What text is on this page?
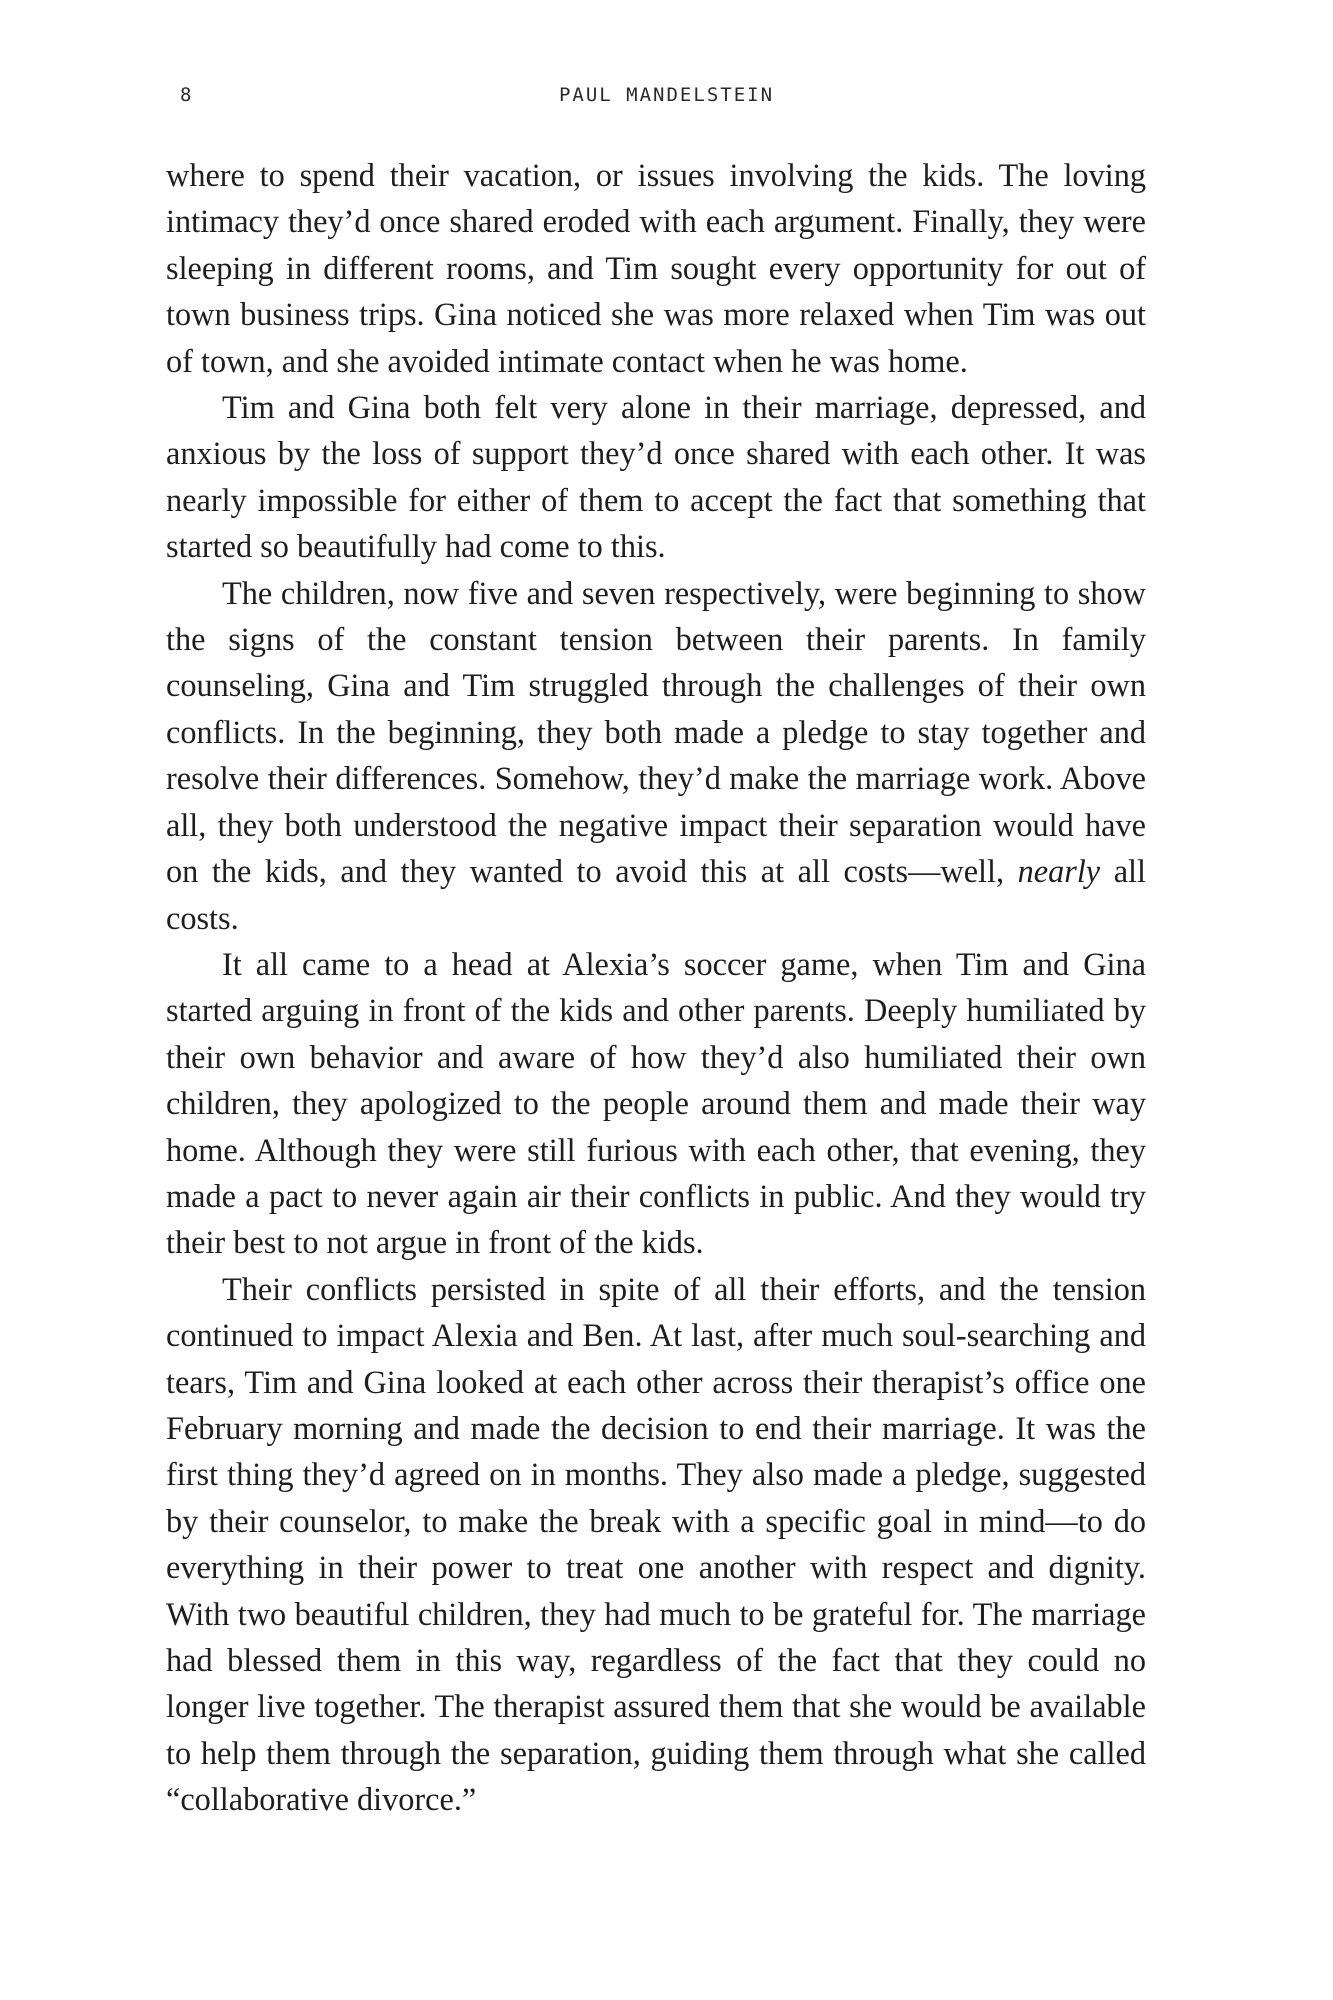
8	PAUL MANDELSTEIN

where to spend their vacation, or issues involving the kids. The loving intimacy they’d once shared eroded with each argument. Finally, they were sleeping in different rooms, and Tim sought every opportunity for out of town business trips. Gina noticed she was more relaxed when Tim was out of town, and she avoided intimate contact when he was home.

Tim and Gina both felt very alone in their marriage, depressed, and anxious by the loss of support they’d once shared with each other. It was nearly impossible for either of them to accept the fact that something that started so beautifully had come to this.

The children, now five and seven respectively, were beginning to show the signs of the constant tension between their parents. In family counseling, Gina and Tim struggled through the challenges of their own conflicts. In the beginning, they both made a pledge to stay together and resolve their differences. Somehow, they’d make the marriage work. Above all, they both understood the negative impact their separation would have on the kids, and they wanted to avoid this at all costs—well, nearly all costs.

It all came to a head at Alexia’s soccer game, when Tim and Gina started arguing in front of the kids and other parents. Deeply humiliated by their own behavior and aware of how they’d also humiliated their own children, they apologized to the people around them and made their way home. Although they were still furious with each other, that evening, they made a pact to never again air their conflicts in public. And they would try their best to not argue in front of the kids.

Their conflicts persisted in spite of all their efforts, and the tension continued to impact Alexia and Ben. At last, after much soul-searching and tears, Tim and Gina looked at each other across their therapist’s office one February morning and made the decision to end their marriage. It was the first thing they’d agreed on in months. They also made a pledge, suggested by their counselor, to make the break with a specific goal in mind—to do everything in their power to treat one another with respect and dignity. With two beautiful children, they had much to be grateful for. The marriage had blessed them in this way, regardless of the fact that they could no longer live together. The therapist assured them that she would be available to help them through the separation, guiding them through what she called “collaborative divorce.”
